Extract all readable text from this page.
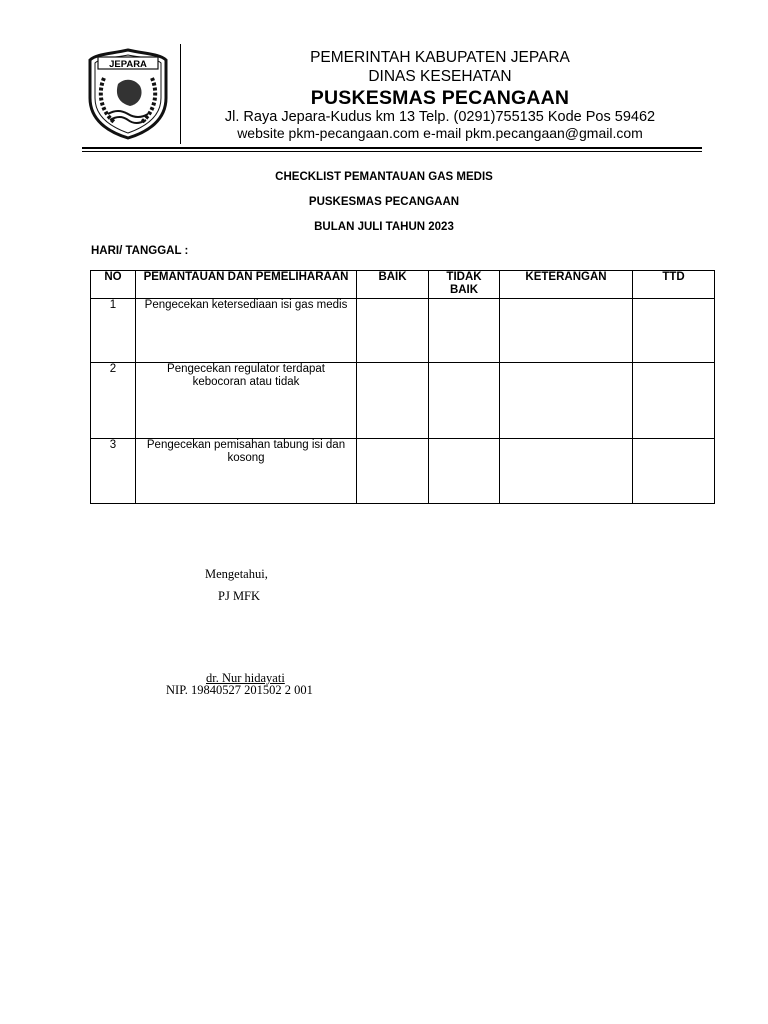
JEPARA	PEMERINTAH KABUPATEN JEPARA
DINAS KESEHATAN
PUSKESMAS PECANGAAN
Jl. Raya Jepara-Kudus km 13 Telp. (0291)755135 Kode Pos 59462
website pkm-pecangaan.com e-mail pkm.pecangaan@gmail.com
CHECKLIST PEMANTAUAN GAS MEDIS
PUSKESMAS PECANGAAN
BULAN JULI TAHUN 2023
HARI/ TANGGAL :
NO	PEMANTAUAN DAN PEMELIHARAAN	BAIK	TIDAK BAIK	KETERANGAN	TTD
1	Pengecekan ketersediaan isi gas medis				
2	Pengecekan regulator terdapat kebocoran atau tidak				
3	Pengecekan pemisahan tabung isi dan kosong				
Mengetahui,
PJ MFK
dr. Nur hidayati
NIP. 19840527 201502 2 001
